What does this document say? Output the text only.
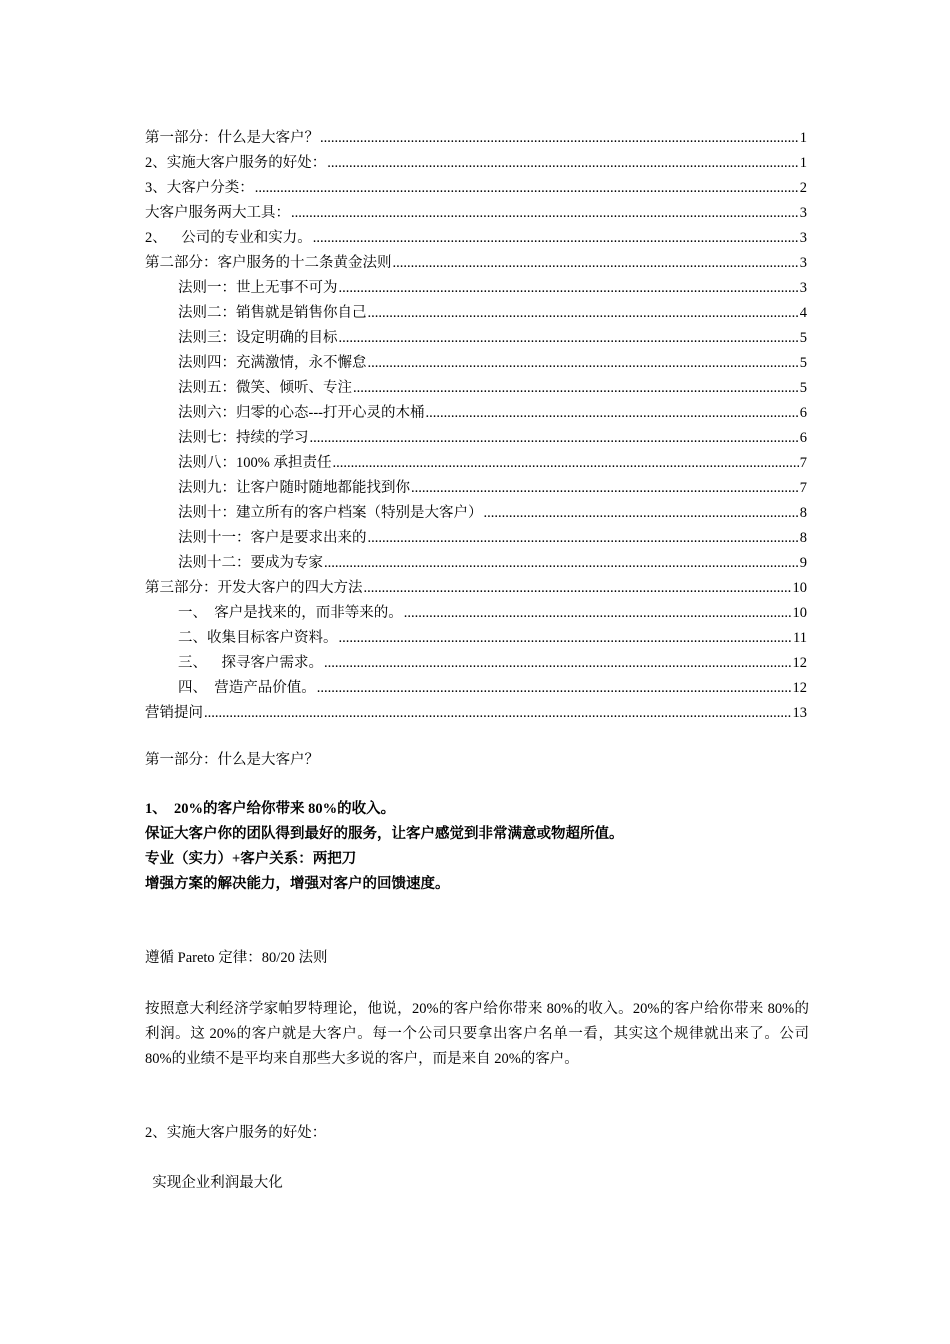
第一部分：什么是大客户？ .....	1
2、实施大客户服务的好处： .....	1
3、大客户分类： .....	2
大客户服务两大工具： .....	3
2、    公司的专业和实力。 .....	3
第二部分：客户服务的十二条黄金法则 .....	3
法则一：世上无事不可为 .....	3
法则二：销售就是销售你自己 .....	4
法则三：设定明确的目标 .....	5
法则四：充满激情，永不懈怠 .....	5
法则五：微笑、倾听、专注 .....	5
法则六：归零的心态---打开心灵的木桶 .....	6
法则七：持续的学习 .....	6
法则八：100% 承担责任 .....	7
法则九：让客户随时随地都能找到你 .....	7
法则十：建立所有的客户档案（特别是大客户） .....	8
法则十一：客户是要求出来的 .....	8
法则十二：要成为专家 .....	9
第三部分：开发大客户的四大方法 .....	10
一、  客户是找来的，而非等来的。 .....	10
二、收集目标客户资料。 .....	11
三、    探寻客户需求。 .....	12
四、  营造产品价值。 .....	12
营销提问 .....	13
第一部分：什么是大客户？
1、  20%的客户给你带来 80%的收入。
保证大客户你的团队得到最好的服务，让客户感觉到非常满意或物超所值。
专业（实力）+客户关系：两把刀
增强方案的解决能力，增强对客户的回馈速度。
遵循 Pareto 定律：80/20 法则
按照意大利经济学家帕罗特理论，他说，20%的客户给你带来 80%的收入。20%的客户给你带来 80%的利润。这 20%的客户就是大客户。每一个公司只要拿出客户名单一看，其实这个规律就出来了。公司 80%的业绩不是平均来自那些大多说的客户，而是来自 20%的客户。
2、实施大客户服务的好处：
实现企业利润最大化
